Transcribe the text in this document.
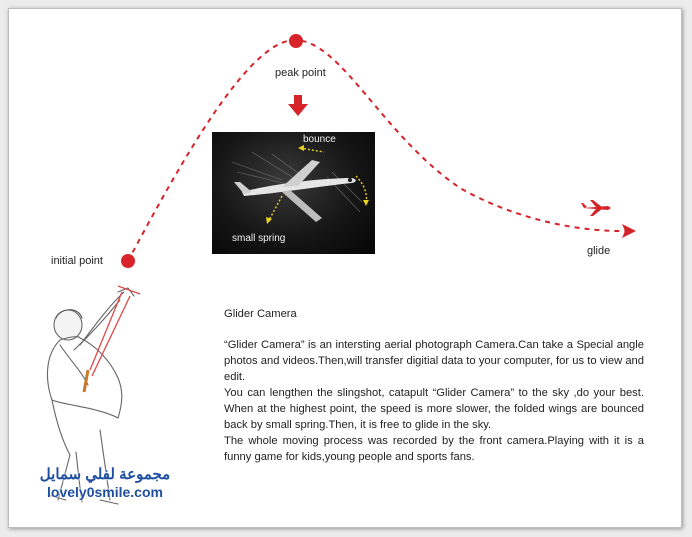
peak point
initial point
glide
bounce
small spring
Glider Camera

“Glider Camera” is an intersting aerial photograph Camera.Can take a Special angle photos and videos.Then,will transfer digitial data to your computer, for us to view and edit.

You can lengthen the slingshot, catapult “Glider Camera” to the sky ,do your best. When at the highest point, the speed is more slower, the folded wings are bounced back by small spring.Then, it is free to glide in the sky.

The whole moving process was recorded by the front camera.Playing with it is a funny game for kids,young people and sports fans.

مجموعة لفلي سمايل
lovely0smile.com
